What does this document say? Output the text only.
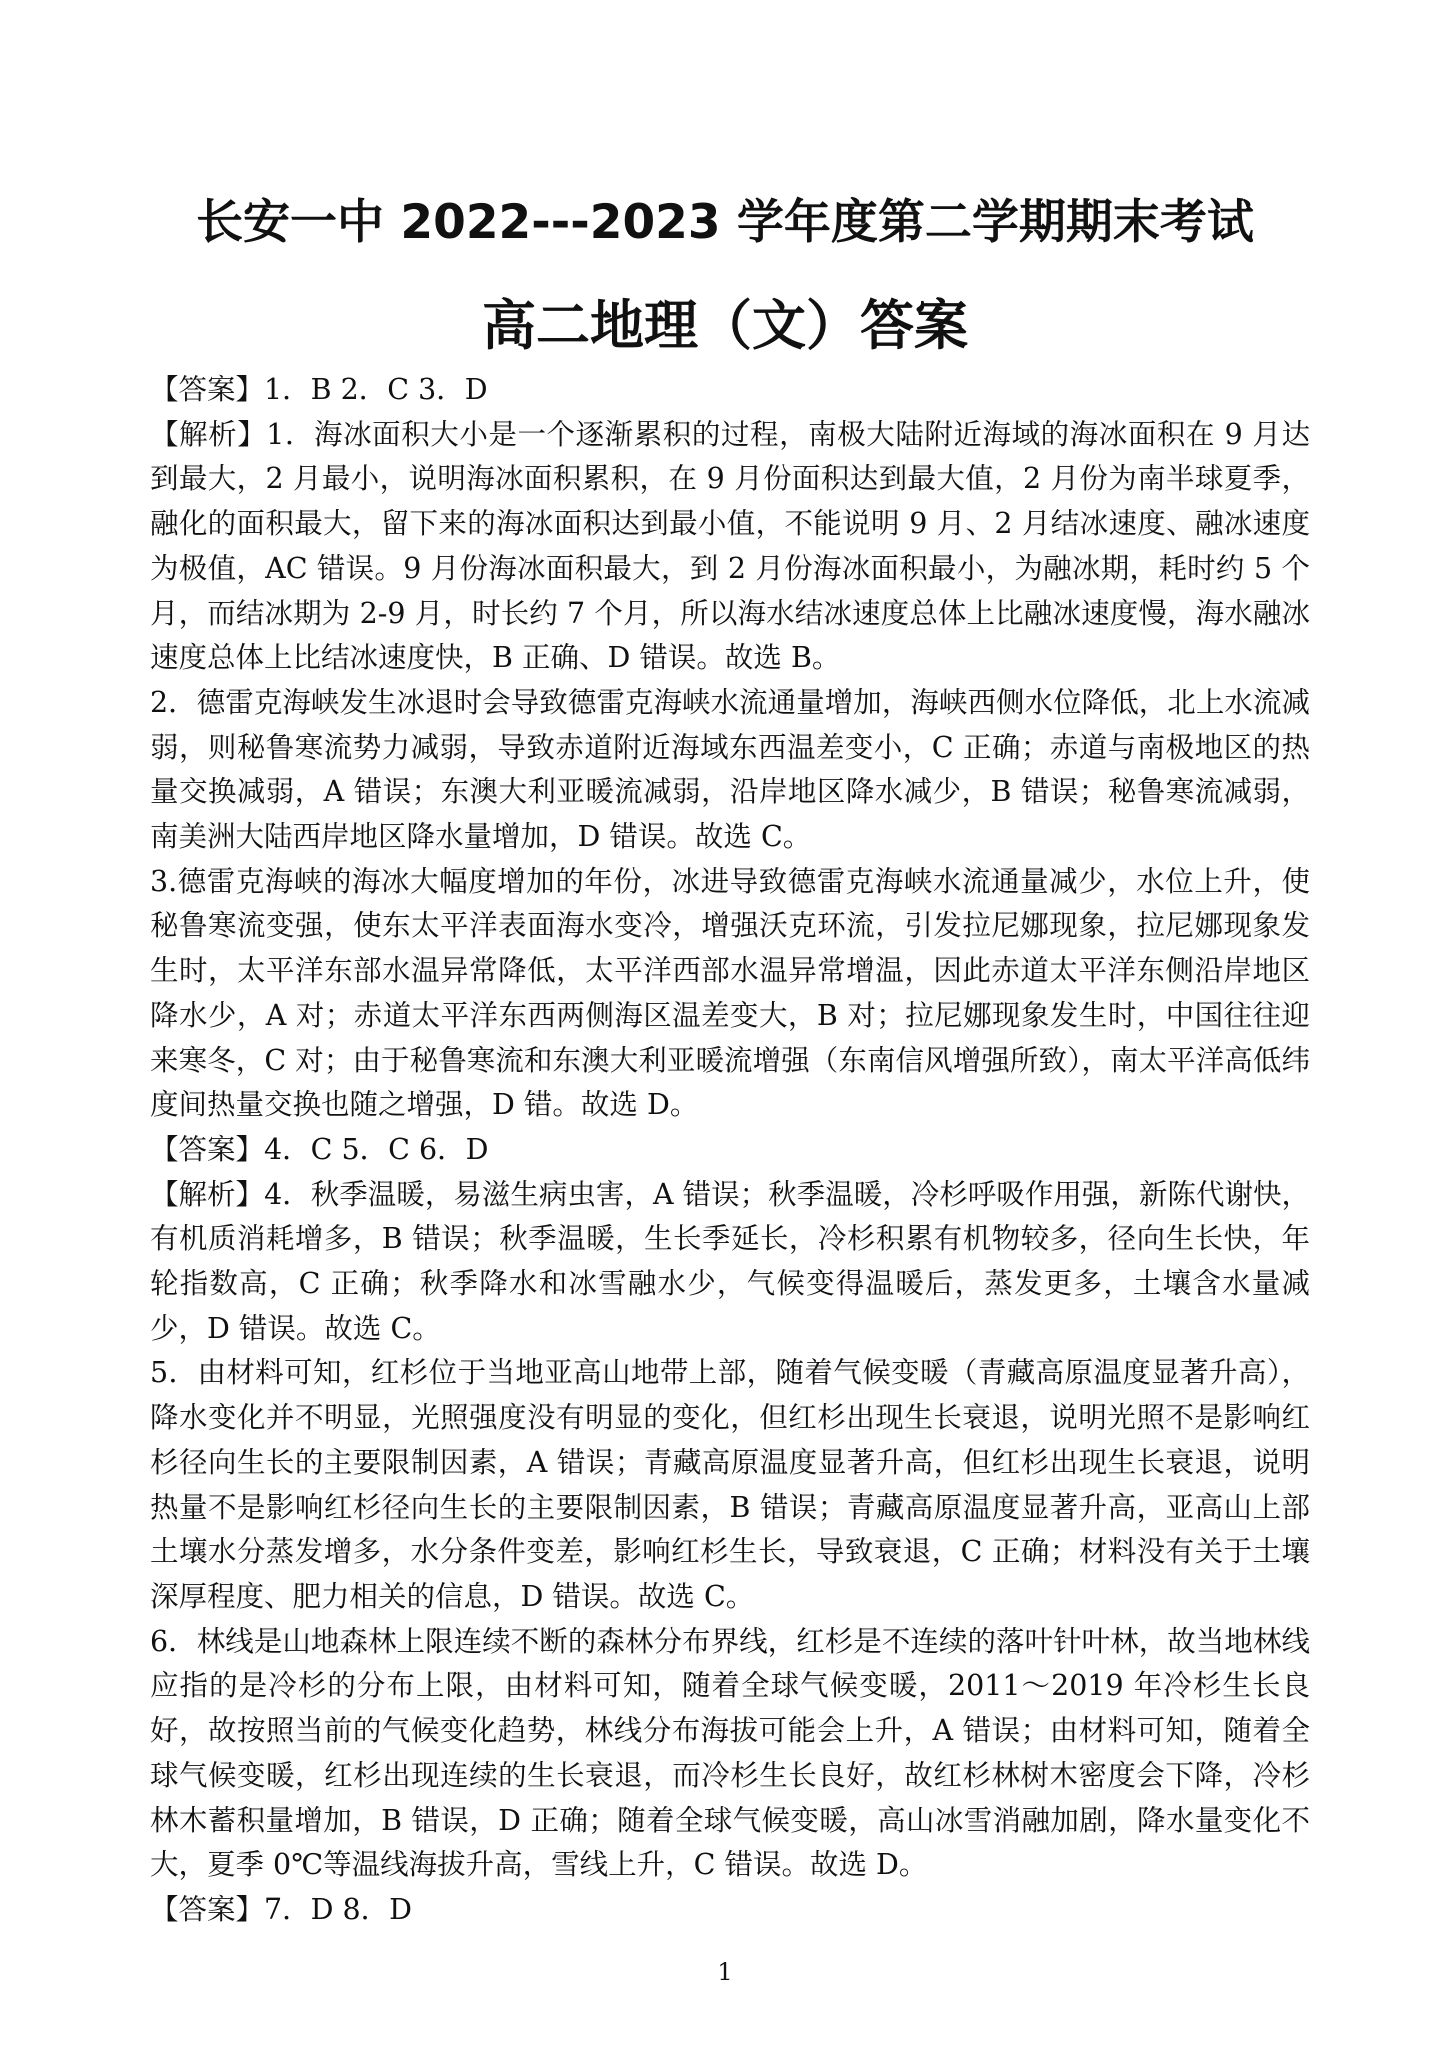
长安一中 2022---2023 学年度第二学期期末考试
高二地理（文）答案

【答案】1．B 2．C 3．D

【解析】1．海冰面积大小是一个逐渐累积的过程，南极大陆附近海域的海冰面积在 9 月达到最大，2 月最小，说明海冰面积累积，在 9 月份面积达到最大值，2 月份为南半球夏季，融化的面积最大，留下来的海冰面积达到最小值，不能说明 9 月、2 月结冰速度、融冰速度为极值，AC 错误。9 月份海冰面积最大，到 2 月份海冰面积最小，为融冰期，耗时约 5 个月，而结冰期为 2-9 月，时长约 7 个月，所以海水结冰速度总体上比融冰速度慢，海水融冰速度总体上比结冰速度快，B 正确、D 错误。故选 B。

2．德雷克海峡发生冰退时会导致德雷克海峡水流通量增加，海峡西侧水位降低，北上水流减弱，则秘鲁寒流势力减弱，导致赤道附近海域东西温差变小，C 正确；赤道与南极地区的热量交换减弱，A 错误；东澳大利亚暖流减弱，沿岸地区降水减少，B 错误；秘鲁寒流减弱，南美洲大陆西岸地区降水量增加，D 错误。故选 C。

3.德雷克海峡的海冰大幅度增加的年份，冰进导致德雷克海峡水流通量减少，水位上升，使秘鲁寒流变强，使东太平洋表面海水变冷，增强沃克环流，引发拉尼娜现象，拉尼娜现象发生时，太平洋东部水温异常降低，太平洋西部水温异常增温，因此赤道太平洋东侧沿岸地区降水少，A 对；赤道太平洋东西两侧海区温差变大，B 对；拉尼娜现象发生时，中国往往迎来寒冬，C 对；由于秘鲁寒流和东澳大利亚暖流增强（东南信风增强所致），南太平洋高低纬度间热量交换也随之增强，D 错。故选 D。

【答案】4．C 5．C 6．D

【解析】4．秋季温暖，易滋生病虫害，A 错误；秋季温暖，冷杉呼吸作用强，新陈代谢快，有机质消耗增多，B 错误；秋季温暖，生长季延长，冷杉积累有机物较多，径向生长快，年轮指数高，C 正确；秋季降水和冰雪融水少，气候变得温暖后，蒸发更多，土壤含水量减少，D 错误。故选 C。

5．由材料可知，红杉位于当地亚高山地带上部，随着气候变暖（青藏高原温度显著升高），降水变化并不明显，光照强度没有明显的变化，但红杉出现生长衰退，说明光照不是影响红杉径向生长的主要限制因素，A 错误；青藏高原温度显著升高，但红杉出现生长衰退，说明热量不是影响红杉径向生长的主要限制因素，B 错误；青藏高原温度显著升高，亚高山上部土壤水分蒸发增多，水分条件变差，影响红杉生长，导致衰退，C 正确；材料没有关于土壤深厚程度、肥力相关的信息，D 错误。故选 C。

6．林线是山地森林上限连续不断的森林分布界线，红杉是不连续的落叶针叶林，故当地林线应指的是冷杉的分布上限，由材料可知，随着全球气候变暖，2011～2019 年冷杉生长良好，故按照当前的气候变化趋势，林线分布海拔可能会上升，A 错误；由材料可知，随着全球气候变暖，红杉出现连续的生长衰退，而冷杉生长良好，故红杉林树木密度会下降，冷杉林木蓄积量增加，B 错误，D 正确；随着全球气候变暖，高山冰雪消融加剧，降水量变化不大，夏季 0℃等温线海拔升高，雪线上升，C 错误。故选 D。

【答案】7．D 8．D

1
